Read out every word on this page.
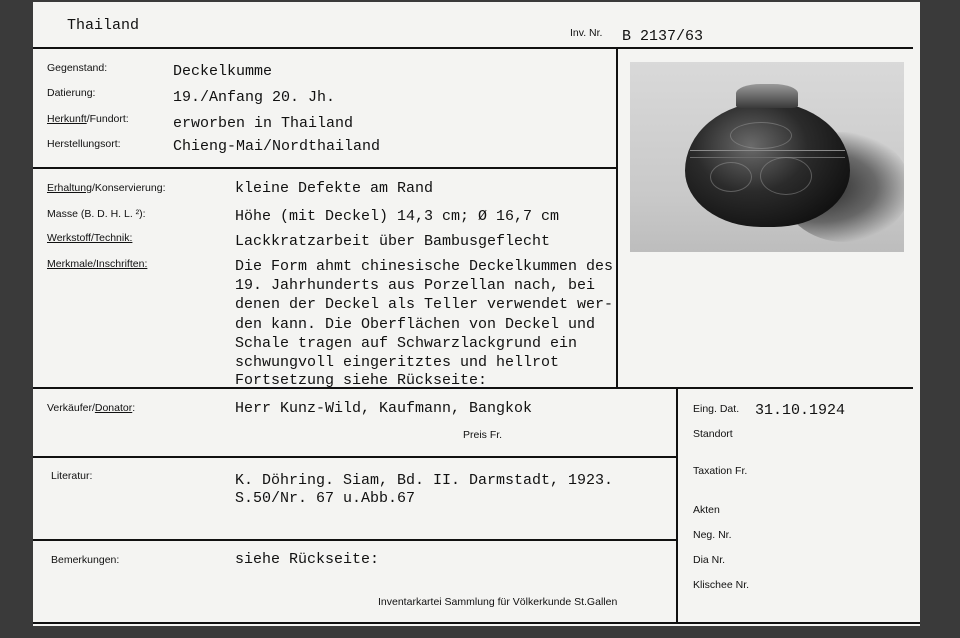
Thailand	Inv. Nr. B 2137/63
Gegenstand:	Deckelkumme
Datierung:	19./Anfang 20. Jh.
Herkunft/Fundort:	erworben in Thailand
Herstellungsort:	Chieng-Mai/Nordthailand
Erhaltung/Konservierung:	kleine Defekte am Rand
Masse (B. D. H. L. ²):	Höhe (mit Deckel) 14,3 cm; Ø 16,7 cm
Werkstoff/Technik:	Lackkratzarbeit über Bambusgeflecht
Merkmale/Inschriften:	Die Form ahmt chinesische Deckelkummen des
19. Jahrhunderts aus Porzellan nach, bei
denen der Deckel als Teller verwendet wer-
den kann. Die Oberflächen von Deckel und
Schale tragen auf Schwarzlackgrund ein
schwungvoll eingeritztes und hellrot
Fortsetzung siehe Rückseite:
Verkäufer/Donator:	Herr Kunz-Wild, Kaufmann, Bangkok
Preis Fr.
Literatur:	K. Döhring. Siam, Bd. II. Darmstadt, 1923.
S.50/Nr. 67 u.Abb.67
Bemerkungen:	siehe Rückseite:
Inventarkartei Sammlung für Völkerkunde St.Gallen
Eing. Dat. 31.10.1924
Standort
Taxation Fr.
Akten
Neg. Nr.
Dia Nr.
Klischee Nr.
